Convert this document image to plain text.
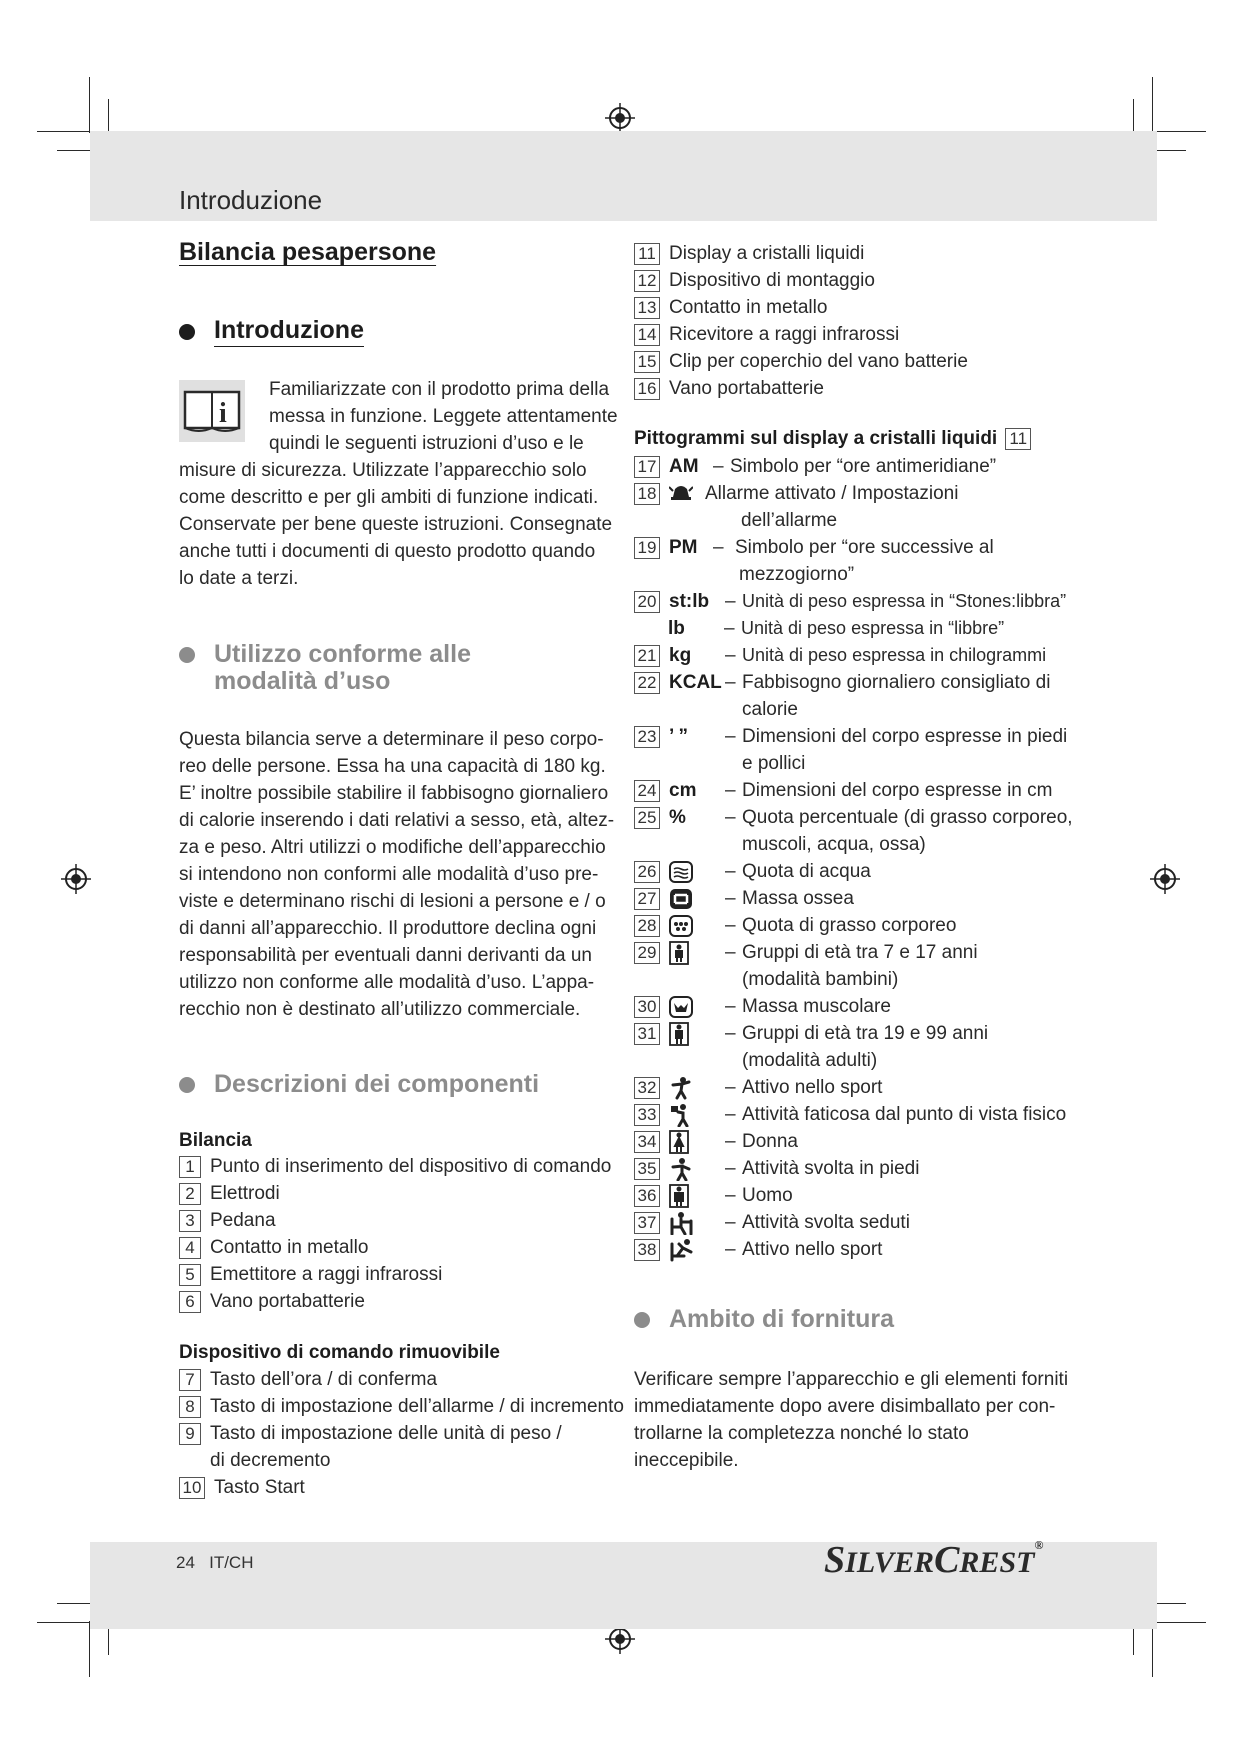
Introduzione
Bilancia pesapersone
Introduzione
i
Familiarizzate con il prodotto prima della
messa in funzione. Leggete attentamente
quindi le seguenti istruzioni d’uso e le
misure di sicurezza. Utilizzate l’apparecchio solo
come descritto e per gli ambiti di funzione indicati.
Conservate per bene queste istruzioni. Consegnate
anche tutti i documenti di questo prodotto quando
lo date a terzi.
Utilizzo conforme alle
modalità d’uso
Questa bilancia serve a determinare il peso corpo-
reo delle persone. Essa ha una capacità di 180 kg.
E’ inoltre possibile stabilire il fabbisogno giornaliero
di calorie inserendo i dati relativi a sesso, età, altez-
za e peso. Altri utilizzi o modifiche dell’apparecchio
si intendono non conformi alle modalità d’uso pre-
viste e determinano rischi di lesioni a persone e / o
di danni all’apparecchio. Il produttore declina ogni
responsabilità per eventuali danni derivanti da un
utilizzo non conforme alle modalità d’uso. L’appa-
recchio non è destinato all’utilizzo commerciale.
Descrizioni dei componenti
Bilancia
1 Punto di inserimento del dispositivo di comando
2 Elettrodi
3 Pedana
4 Contatto in metallo
5 Emettitore a raggi infrarossi
6 Vano portabatterie
Dispositivo di comando rimuovibile
7 Tasto dell’ora / di conferma
8 Tasto di impostazione dell’allarme / di incremento
9 Tasto di impostazione delle unità di peso /
di decremento
10 Tasto Start
11 Display a cristalli liquidi
12 Dispositivo di montaggio
13 Contatto in metallo
14 Ricevitore a raggi infrarossi
15 Clip per coperchio del vano batterie
16 Vano portabatterie
Pittogrammi sul display a cristalli liquidi 11
17 AM – Simbolo per “ore antimeridiane”
18	Allarme attivato / Impostazioni
dell’allarme
19 PM – Simbolo per “ore successive al
mezzogiorno”
20 st:lb – Unità di peso espressa in “Stones:libbra”
lb	– Unità di peso espressa in “libbre”
21 kg	– Unità di peso espressa in chilogrammi
22 KCAL – Fabbisogno giornaliero consigliato di
calorie
23 ’ ”	– Dimensioni del corpo espresse in piedi
e pollici
24 cm	– Dimensioni del corpo espresse in cm
25 %	– Quota percentuale (di grasso corporeo,
muscoli, acqua, ossa)
26	– Quota di acqua
27	– Massa ossea
28	– Quota di grasso corporeo
29	– Gruppi di età tra 7 e 17 anni
(modalità bambini)
30	– Massa muscolare
31	– Gruppi di età tra 19 e 99 anni
(modalità adulti)
32	– Attivo nello sport
33	– Attività faticosa dal punto di vista fisico
34	– Donna
35	– Attività svolta in piedi
36	– Uomo
37	– Attività svolta seduti
38	– Attivo nello sport
Ambito di fornitura
Verificare sempre l’apparecchio e gli elementi forniti
immediatamente dopo avere disimballato per con-
trollarne la completezza nonché lo stato ineccepibile.
24 IT/CH	SILVERCREST®
